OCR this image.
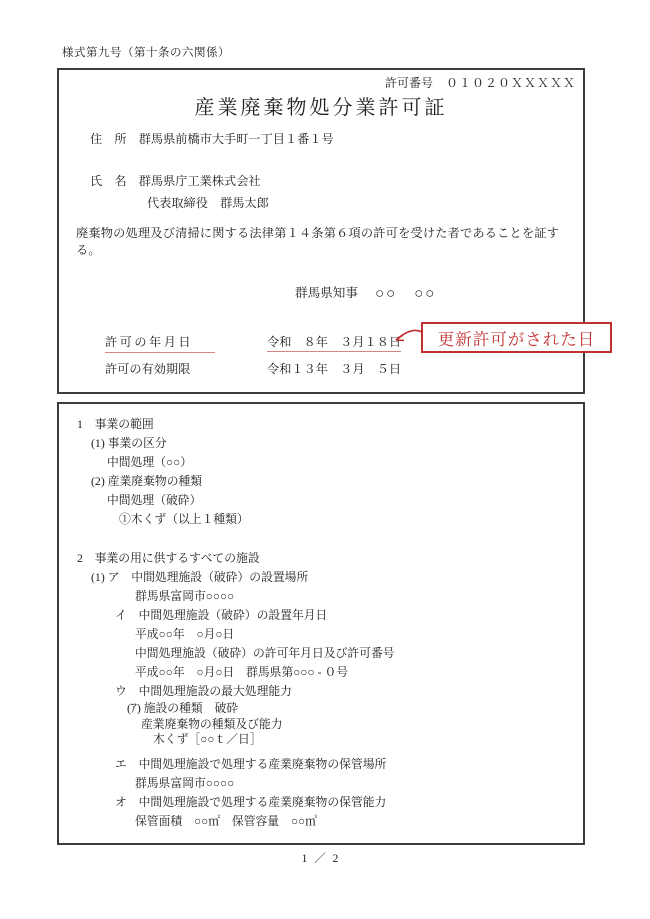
様式第九号（第十条の六関係）
許可番号 ０１０２０ＸＸＸＸＸ
産業廃棄物処分業許可証
住　所　群馬県前橋市大手町一丁目１番１号
氏　名　群馬県庁工業株式会社
代表取締役　群馬太郎
廃棄物の処理及び清掃に関する法律第１４条第６項の許可を受けた者であることを証する。
群馬県知事 ○○　○○
許可の年月日	令和　８年　３月１８日
許可の有効期限	令和１３年　３月　５日
更新許可がされた日
1　事業の範囲
(1) 事業の区分
中間処理（○○）
(2) 産業廃棄物の種類
中間処理（破砕）
①木くず（以上１種類）
2　事業の用に供するすべての施設
(1) ア　中間処理施設（破砕）の設置場所
群馬県富岡市○○○○
イ　中間処理施設（破砕）の設置年月日
平成○○年　○月○日
中間処理施設（破砕）の許可年月日及び許可番号
平成○○年　○月○日　群馬県第○○○ - ０号
ウ　中間処理施設の最大処理能力
(ｱ) 施設の種類　破砕
産業廃棄物の種類及び能力
木くず［○○ｔ／日］
エ　中間処理施設で処理する産業廃棄物の保管場所
群馬県富岡市○○○○
オ　中間処理施設で処理する産業廃棄物の保管能力
保管面積　○○㎡　保管容量　○○㎥
1 ／ 2
